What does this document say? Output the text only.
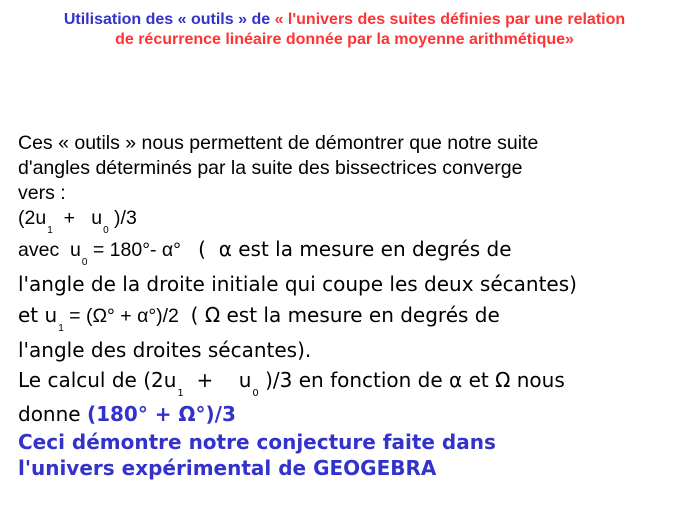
Utilisation des « outils » de « l'univers des suites définies par une relation
de récurrence linéaire donnée par la moyenne arithmétique»
Ces « outils » nous permettent de démontrer que notre suite
d'angles déterminés par la suite des bissectrices converge
vers :
($2u_1 + u_0$ )/3
avec  $u_0 = 180^\circ-$ α°   (  α est la mesure en degrés de
l'angle de la droite initiale qui coupe les deux sécantes)
et $u_1 = (\Omega^\circ + \alpha^\circ)/2$  ( Ω est la mesure en degrés de
l'angle des droites sécantes).
Le calcul de ($2u_1$  +    $u_0$ )/3 en fonction de α et Ω nous
donne (180° + Ω°)/3
Ceci démontre notre conjecture faite dans
l'univers expérimental de GEOGEBRA
